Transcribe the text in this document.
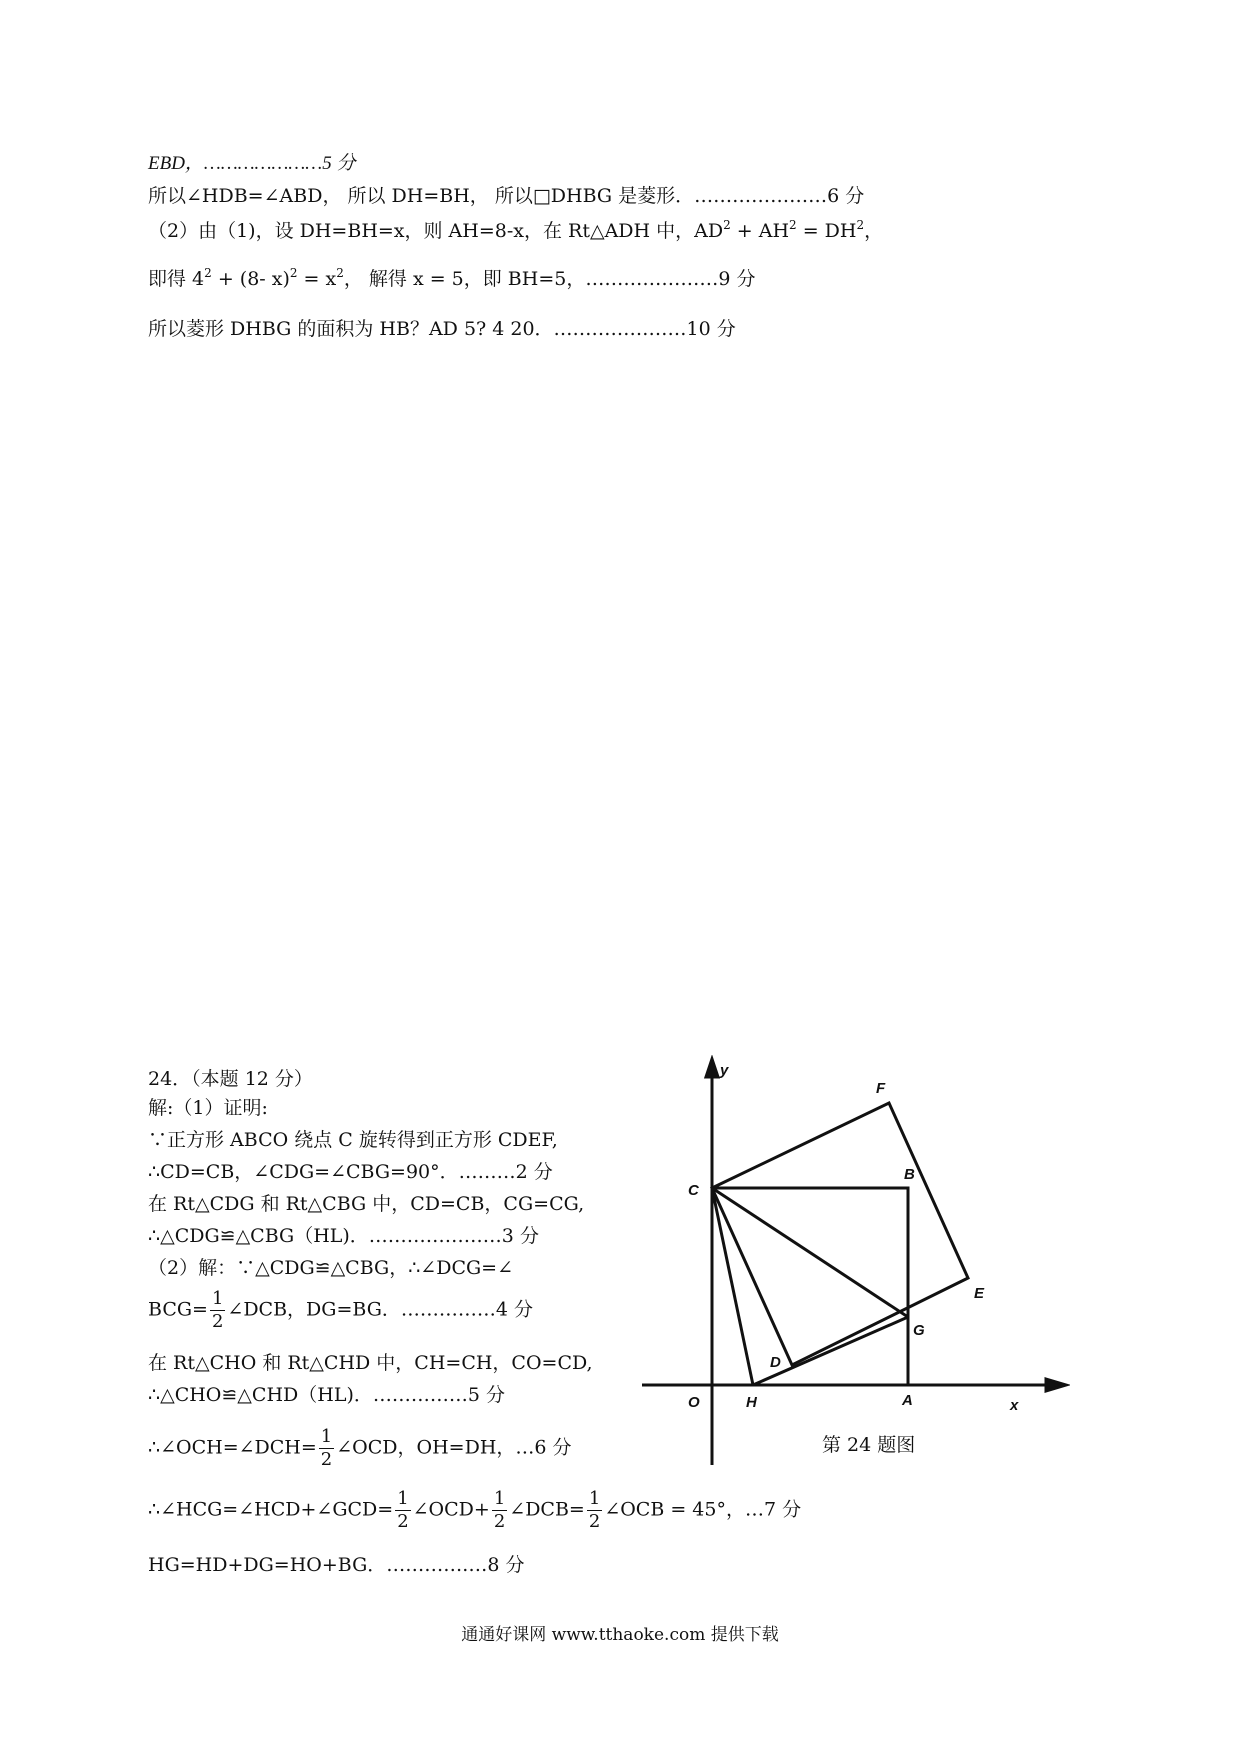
EBD，…………………5 分
所以∠HDB=∠ABD， 所以 DH=BH， 所以□DHBG 是菱形．…………………6 分
（2）由（1)，设 DH=BH=x，则 AH=8-x，在 Rt△ADH 中，$AD^2 + AH^2 = DH^2$，
即得 $4^2 + (8-$ $x)^2 = x^2$， 解得 x = 5，即 BH=5，…………………9 分
所以菱形 DHBG 的面积为 HB？AD 5? 4 20．…………………10 分
24．（本题 12 分）
解:（1）证明:
∵正方形 ABCO 绕点 C 旋转得到正方形 CDEF,
∴CD=CB，∠CDG=∠CBG=90°．………2 分
在 Rt△CDG 和 Rt△CBG 中，CD=CB，CG=CG,
∴△CDG≌△CBG（HL)．…………………3 分
（2）解：∵△CDG≌△CBG，∴∠DCG=∠
$BCG= \frac{1}{2}$ ∠DCB，DG=BG．……………4 分
在 Rt△CHO 和 Rt△CHD 中，CH=CH，CO=CD,
∴△CHO≌△CHD（HL)．……………5 分
∴∠OCH=∠DCH= $\frac{1}{2}$ ∠OCD，OH=DH，…6 分
∴∠HCG=∠HCD+∠GCD= $\frac{1}{2}$ ∠OCD+ $\frac{1}{2}$ ∠DCB= $\frac{1}{2}$ ∠OCB = 45°，…7 分
HG=HD+DG=HO+BG．………….…8 分
y
x
O	H	A
C
B
F
E
G
D
第 24 题图
通通好课网 www.tthaoke.com 提供下载
